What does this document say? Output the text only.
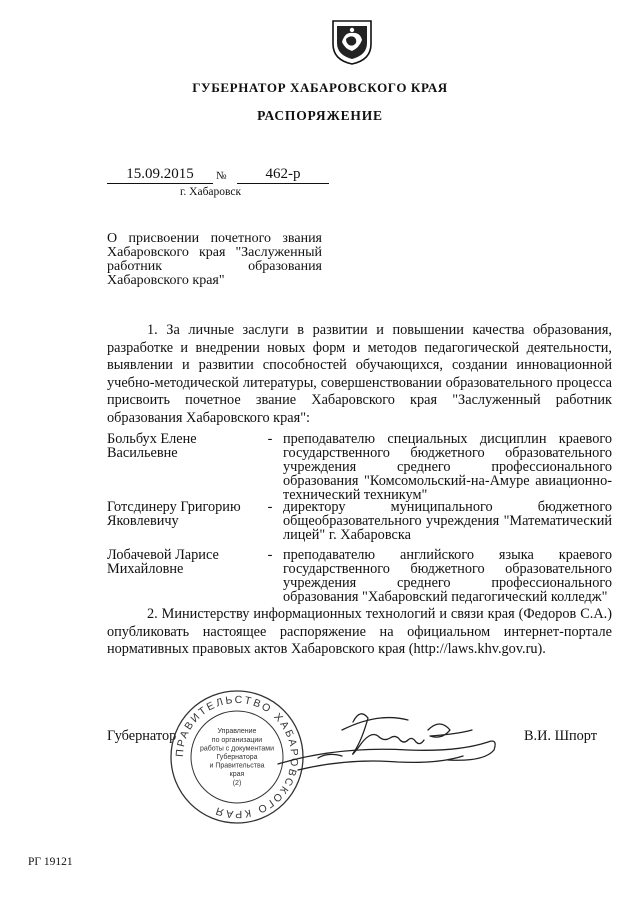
ГУБЕРНАТОР ХАБАРОВСКОГО КРАЯ
РАСПОРЯЖЕНИЕ
15.09.2015	№	462-р
г. Хабаровск
О присвоении почетного звания Хабаровского края "Заслуженный работник образования Хабаровского края"
1. За личные заслуги в развитии и повышении качества образования, разработке и внедрении новых форм и методов педагогической деятельности, выявлении и развитии способностей обучающихся, создании инновационной учебно-методической литературы, совершенствовании образовательного процесса присвоить почетное звание Хабаровского края "Заслуженный работник образования Хабаровского края":
Больбух Елене Васильевне
- преподавателю специальных дисциплин краевого государственного бюджетного образовательного учреждения среднего профессионального образования "Комсомольский-на-Амуре авиационно-технический техникум"
Готсдинеру Григорию Яковлевичу
- директору муниципального бюджетного общеобразовательного учреждения "Математический лицей" г. Хабаровска
Лобачевой Ларисе Михайловне
- преподавателю английского языка краевого государственного бюджетного образовательного учреждения среднего профессионального образования "Хабаровский педагогический колледж"
2. Министерству информационных технологий и связи края (Федоров С.А.) опубликовать настоящее распоряжение на официальном интернет-портале нормативных правовых актов Хабаровского края (http://laws.khv.gov.ru).
Губернатор	В.И. Шпорт
ПРАВИТЕЛЬСТВО ХАБАРОВСКОГО КРАЯ
Управление
по организации
работы с документами
Губернатора
и Правительства
края
(2)
РГ 19121
